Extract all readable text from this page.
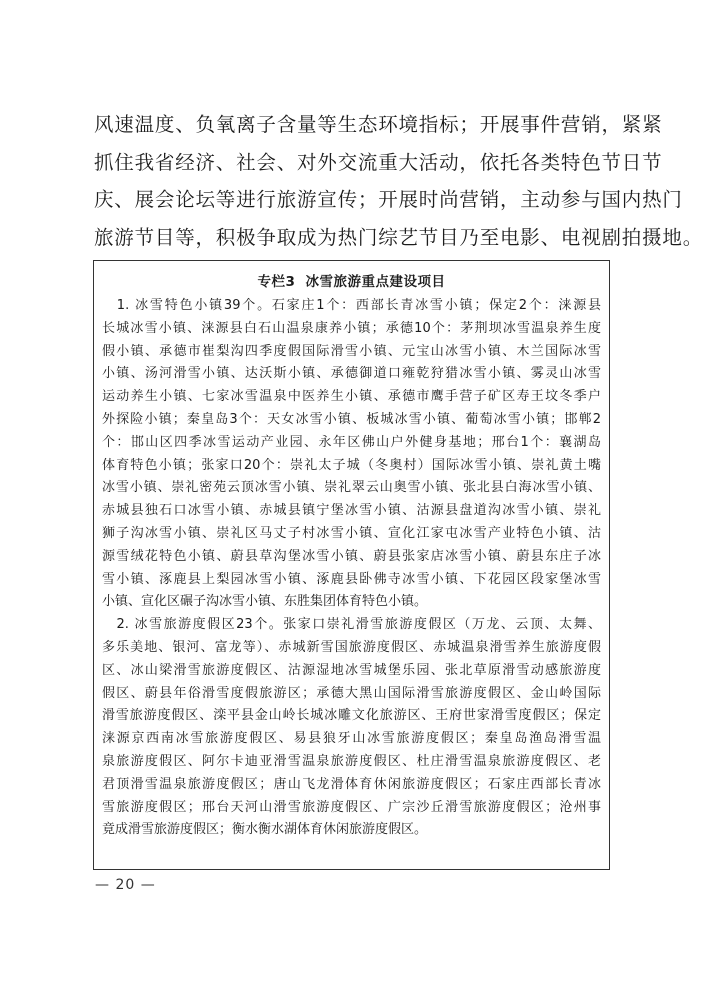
风速温度、负氧离子含量等生态环境指标；开展事件营销，紧紧
抓住我省经济、社会、对外交流重大活动，依托各类特色节日节
庆、展会论坛等进行旅游宣传；开展时尚营销，主动参与国内热门
旅游节目等，积极争取成为热门综艺节目乃至电影、电视剧拍摄地。
专栏3 冰雪旅游重点建设项目
　1. 冰雪特色小镇39个。石家庄1个：西部长青冰雪小镇；保定2个：涞源县
长城冰雪小镇、涞源县白石山温泉康养小镇；承德10个：茅荆坝冰雪温泉养生度
假小镇、承德市崔梨沟四季度假国际滑雪小镇、元宝山冰雪小镇、木兰国际冰雪
小镇、汤河滑雪小镇、达沃斯小镇、承德御道口雍乾狩猎冰雪小镇、雾灵山冰雪
运动养生小镇、七家冰雪温泉中医养生小镇、承德市鹰手营子矿区寿王坟冬季户
外探险小镇；秦皇岛3个：天女冰雪小镇、板城冰雪小镇、葡萄冰雪小镇；邯郸2
个：邯山区四季冰雪运动产业园、永年区佛山户外健身基地；邢台1个：襄湖岛
体育特色小镇；张家口20个：崇礼太子城（冬奥村）国际冰雪小镇、崇礼黄土嘴
冰雪小镇、崇礼密苑云顶冰雪小镇、崇礼翠云山奥雪小镇、张北县白海冰雪小镇、
赤城县独石口冰雪小镇、赤城县镇宁堡冰雪小镇、沽源县盘道沟冰雪小镇、崇礼
狮子沟冰雪小镇、崇礼区马丈子村冰雪小镇、宣化江家屯冰雪产业特色小镇、沽
源雪绒花特色小镇、蔚县草沟堡冰雪小镇、蔚县张家店冰雪小镇、蔚县东庄子冰
雪小镇、涿鹿县上梨园冰雪小镇、涿鹿县卧佛寺冰雪小镇、下花园区段家堡冰雪
小镇、宣化区碾子沟冰雪小镇、东胜集团体育特色小镇。
　2. 冰雪旅游度假区23个。张家口崇礼滑雪旅游度假区（万龙、云顶、太舞、
多乐美地、银河、富龙等）、赤城新雪国旅游度假区、赤城温泉滑雪养生旅游度假
区、冰山梁滑雪旅游度假区、沽源湿地冰雪城堡乐园、张北草原滑雪动感旅游度
假区、蔚县年俗滑雪度假旅游区；承德大黑山国际滑雪旅游度假区、金山岭国际
滑雪旅游度假区、滦平县金山岭长城冰雕文化旅游区、王府世家滑雪度假区；保定
涞源京西南冰雪旅游度假区、易县狼牙山冰雪旅游度假区；秦皇岛渔岛滑雪温
泉旅游度假区、阿尔卡迪亚滑雪温泉旅游度假区、杜庄滑雪温泉旅游度假区、老
君顶滑雪温泉旅游度假区；唐山飞龙滑体育休闲旅游度假区；石家庄西部长青冰
雪旅游度假区；邢台天河山滑雪旅游度假区、广宗沙丘滑雪旅游度假区；沧州事
竟成滑雪旅游度假区；衡水衡水湖体育休闲旅游度假区。
— 20 —
